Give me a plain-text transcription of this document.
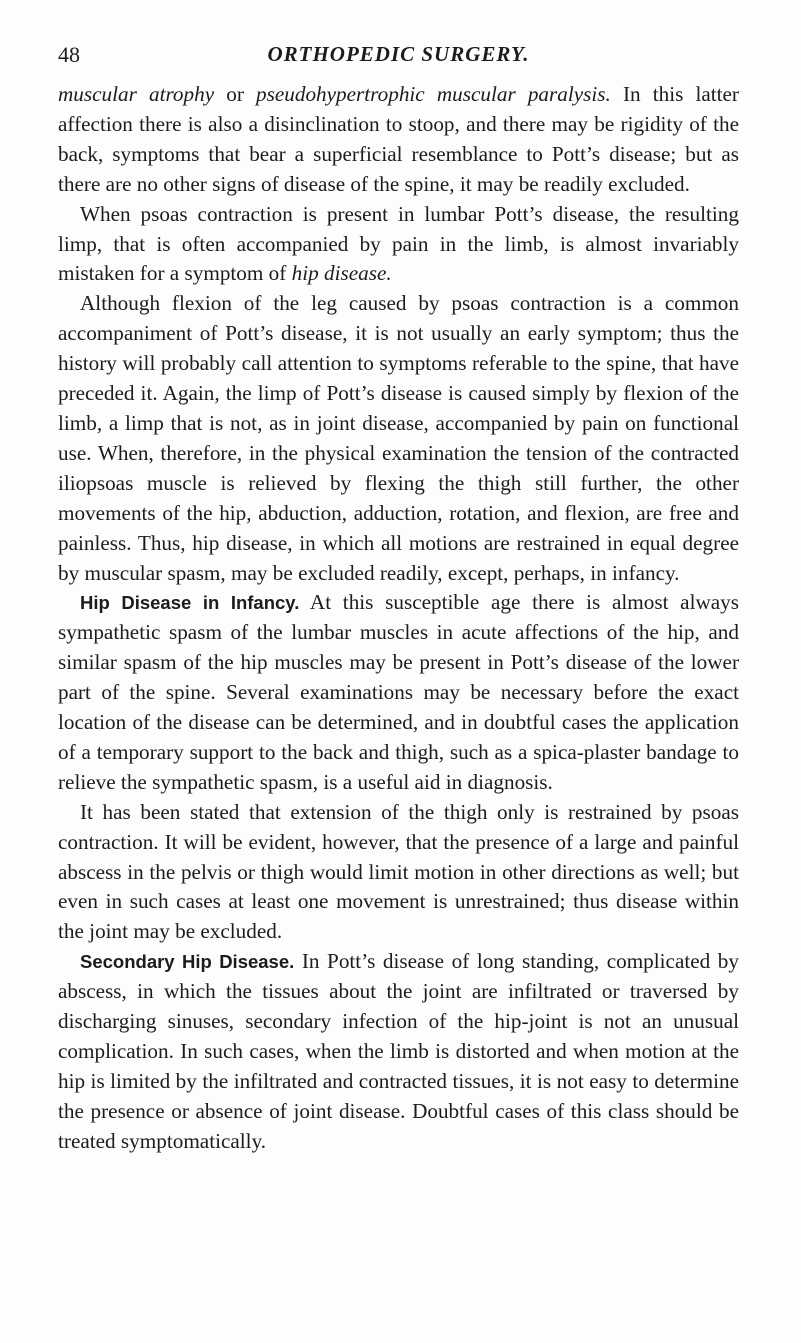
48	ORTHOPEDIC SURGERY.

muscular atrophy or pseudohypertrophic muscular paralysis. In this latter affection there is also a disinclination to stoop, and there may be rigidity of the back, symptoms that bear a superficial resemblance to Pott’s disease; but as there are no other signs of disease of the spine, it may be readily excluded.

When psoas contraction is present in lumbar Pott’s disease, the resulting limp, that is often accompanied by pain in the limb, is almost invariably mistaken for a symptom of hip disease.

Although flexion of the leg caused by psoas contraction is a common accompaniment of Pott’s disease, it is not usually an early symptom; thus the history will probably call attention to symptoms referable to the spine, that have preceded it. Again, the limp of Pott’s disease is caused simply by flexion of the limb, a limp that is not, as in joint disease, accompanied by pain on functional use. When, therefore, in the physical examination the tension of the contracted iliopsoas muscle is relieved by flexing the thigh still further, the other movements of the hip, abduction, adduction, rotation, and flexion, are free and painless. Thus, hip disease, in which all motions are restrained in equal degree by muscular spasm, may be excluded readily, except, perhaps, in infancy.

Hip Disease in Infancy. At this susceptible age there is almost always sympathetic spasm of the lumbar muscles in acute affections of the hip, and similar spasm of the hip muscles may be present in Pott’s disease of the lower part of the spine. Several examinations may be necessary before the exact location of the disease can be determined, and in doubtful cases the application of a temporary support to the back and thigh, such as a spica-plaster bandage to relieve the sympathetic spasm, is a useful aid in diagnosis.

It has been stated that extension of the thigh only is restrained by psoas contraction. It will be evident, however, that the presence of a large and painful abscess in the pelvis or thigh would limit motion in other directions as well; but even in such cases at least one movement is unrestrained; thus disease within the joint may be excluded.

Secondary Hip Disease. In Pott’s disease of long standing, complicated by abscess, in which the tissues about the joint are infiltrated or traversed by discharging sinuses, secondary infection of the hip-joint is not an unusual complication. In such cases, when the limb is distorted and when motion at the hip is limited by the infiltrated and contracted tissues, it is not easy to determine the presence or absence of joint disease. Doubtful cases of this class should be treated symptomatically.
